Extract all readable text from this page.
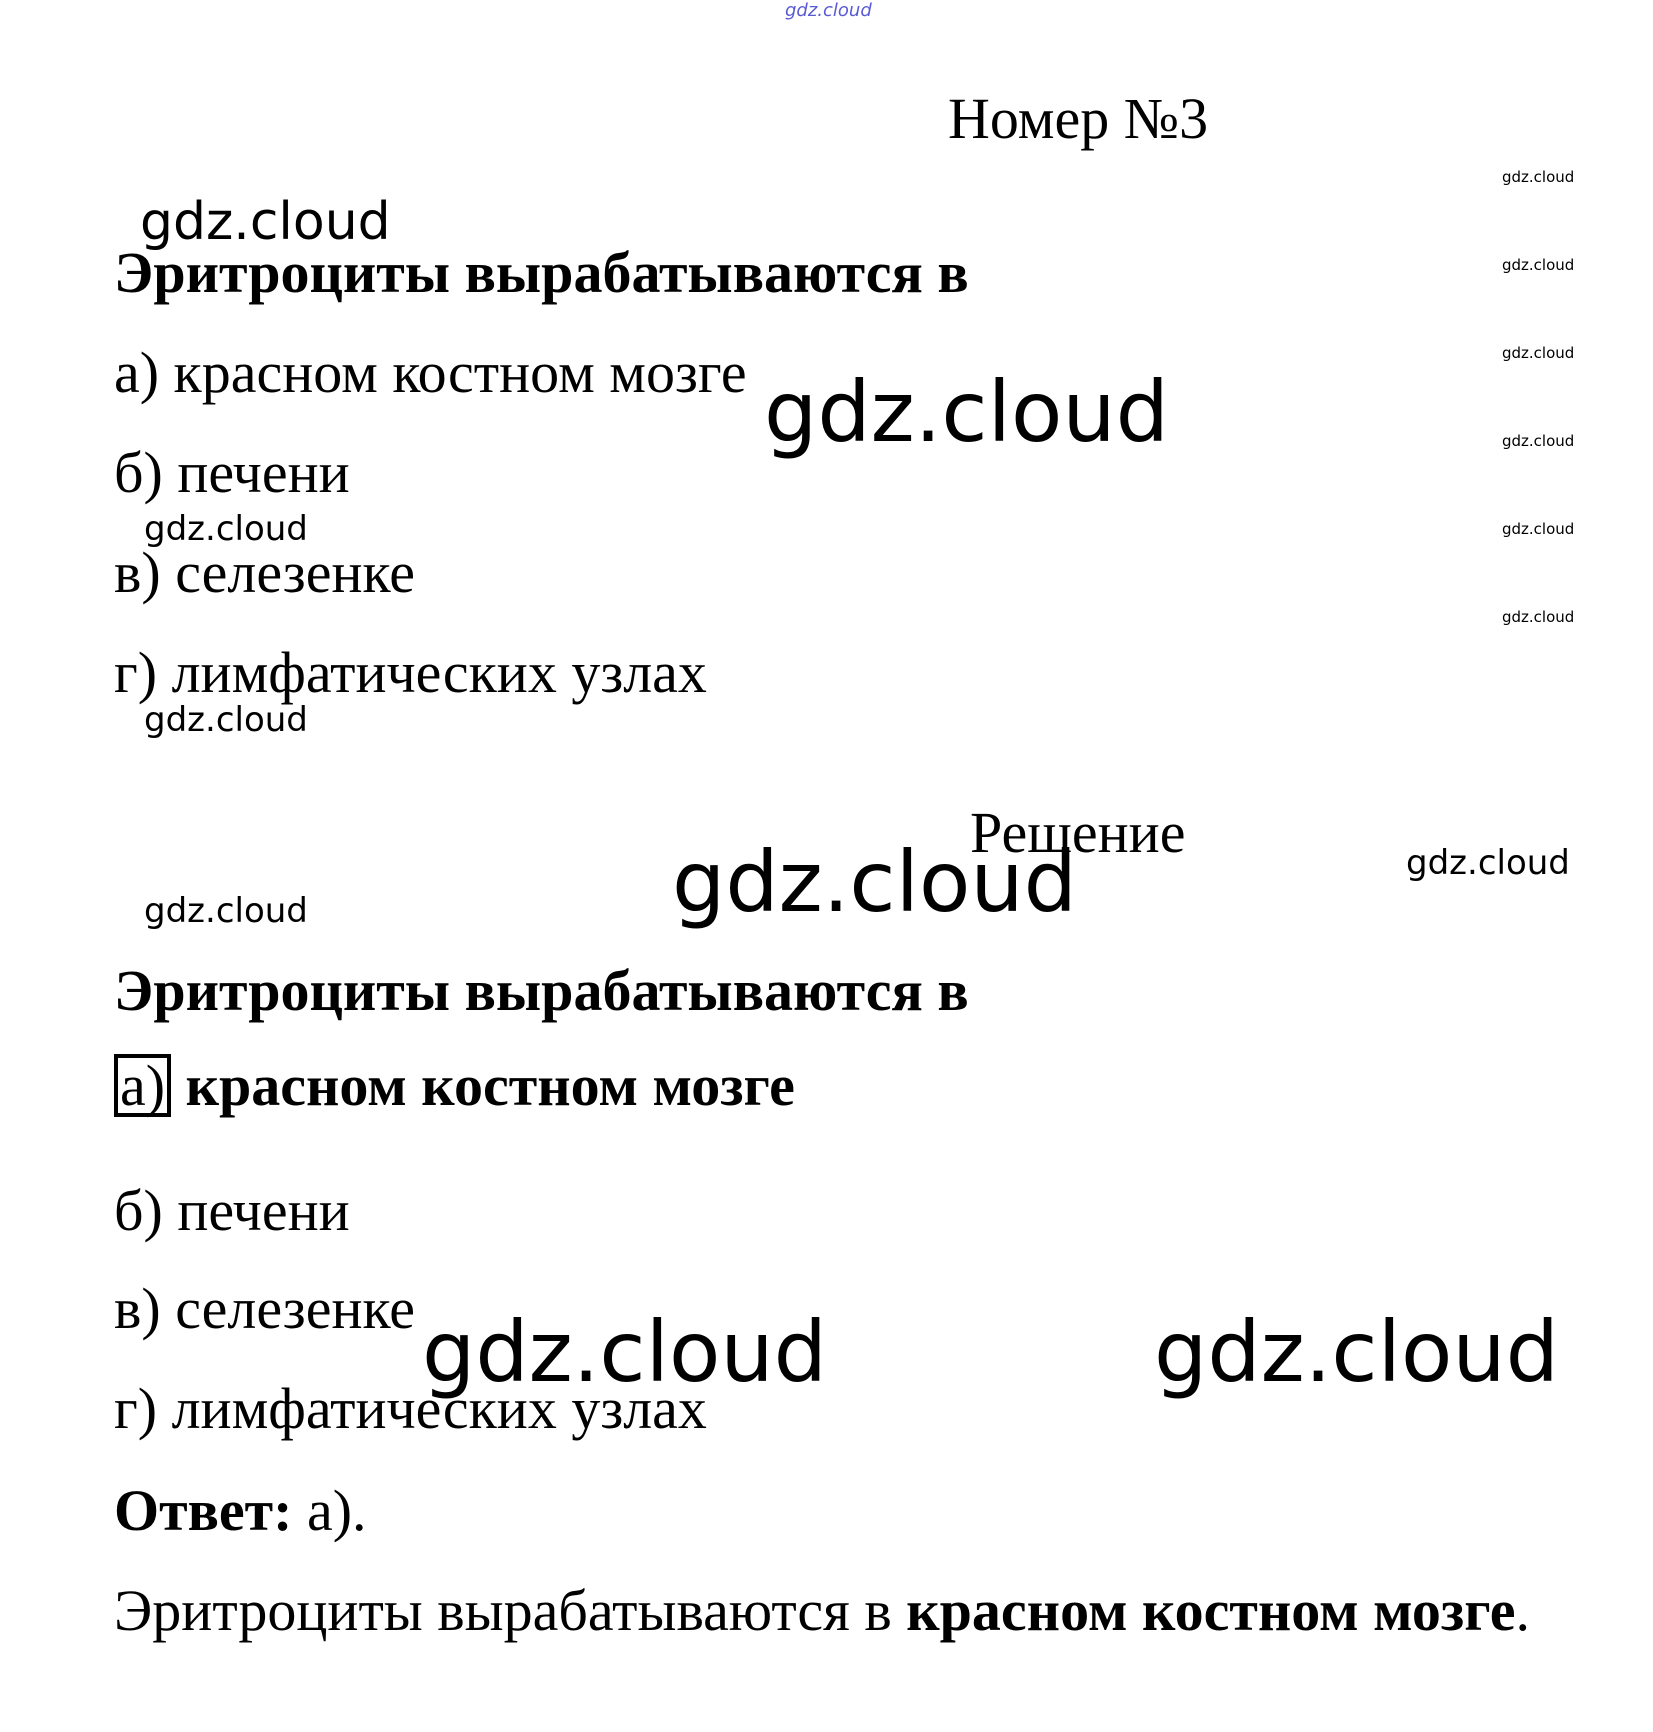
gdz.cloud
gdz.cloud
gdz.cloud
gdz.cloud
gdz.cloud
gdz.cloud
gdz.cloud
gdz.cloud
gdz.cloud
gdz.cloud
gdz.cloud
gdz.cloud
gdz.cloud	gdz.cloud
gdz.cloud	gdz.cloud
Номер №3
Эритроциты вырабатываются в
а) красном костном мозге
б) печени
в) селезенке
г) лимфатических узлах
Решение
Эритроциты вырабатываются в
а) красном костном мозге
б) печени
в) селезенке
г) лимфатических узлах
Ответ: а).
Эритроциты вырабатываются в красном костном мозге.
